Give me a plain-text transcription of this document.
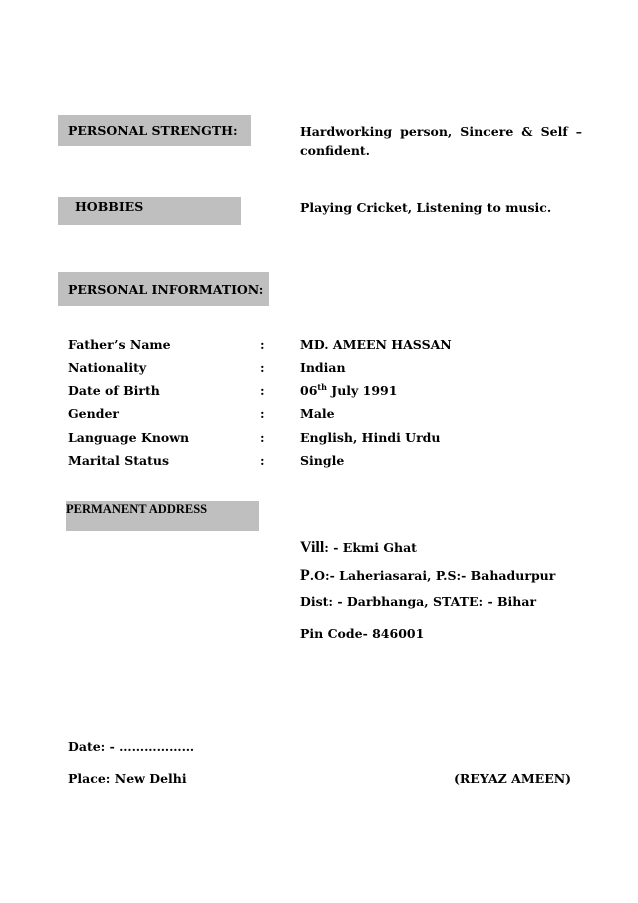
PERSONAL STRENGTH:	Hardworking person, Sincere & Self – confident.
HOBBIES	Playing Cricket, Listening to music.
PERSONAL INFORMATION:
Father’s Name	:	MD. AMEEN HASSAN
Nationality	:	Indian
Date of Birth	:	06th July 1991
Gender	:	Male
Language Known	:	English, Hindi Urdu
Marital Status	:	Single
PERMANENT ADDRESS
Vill: - Ekmi Ghat
P.O:- Laheriasarai, P.S:- Bahadurpur
Dist: - Darbhanga, STATE: - Bihar
Pin Code- 846001
Date: - ………………
Place: New Delhi	(REYAZ AMEEN)
